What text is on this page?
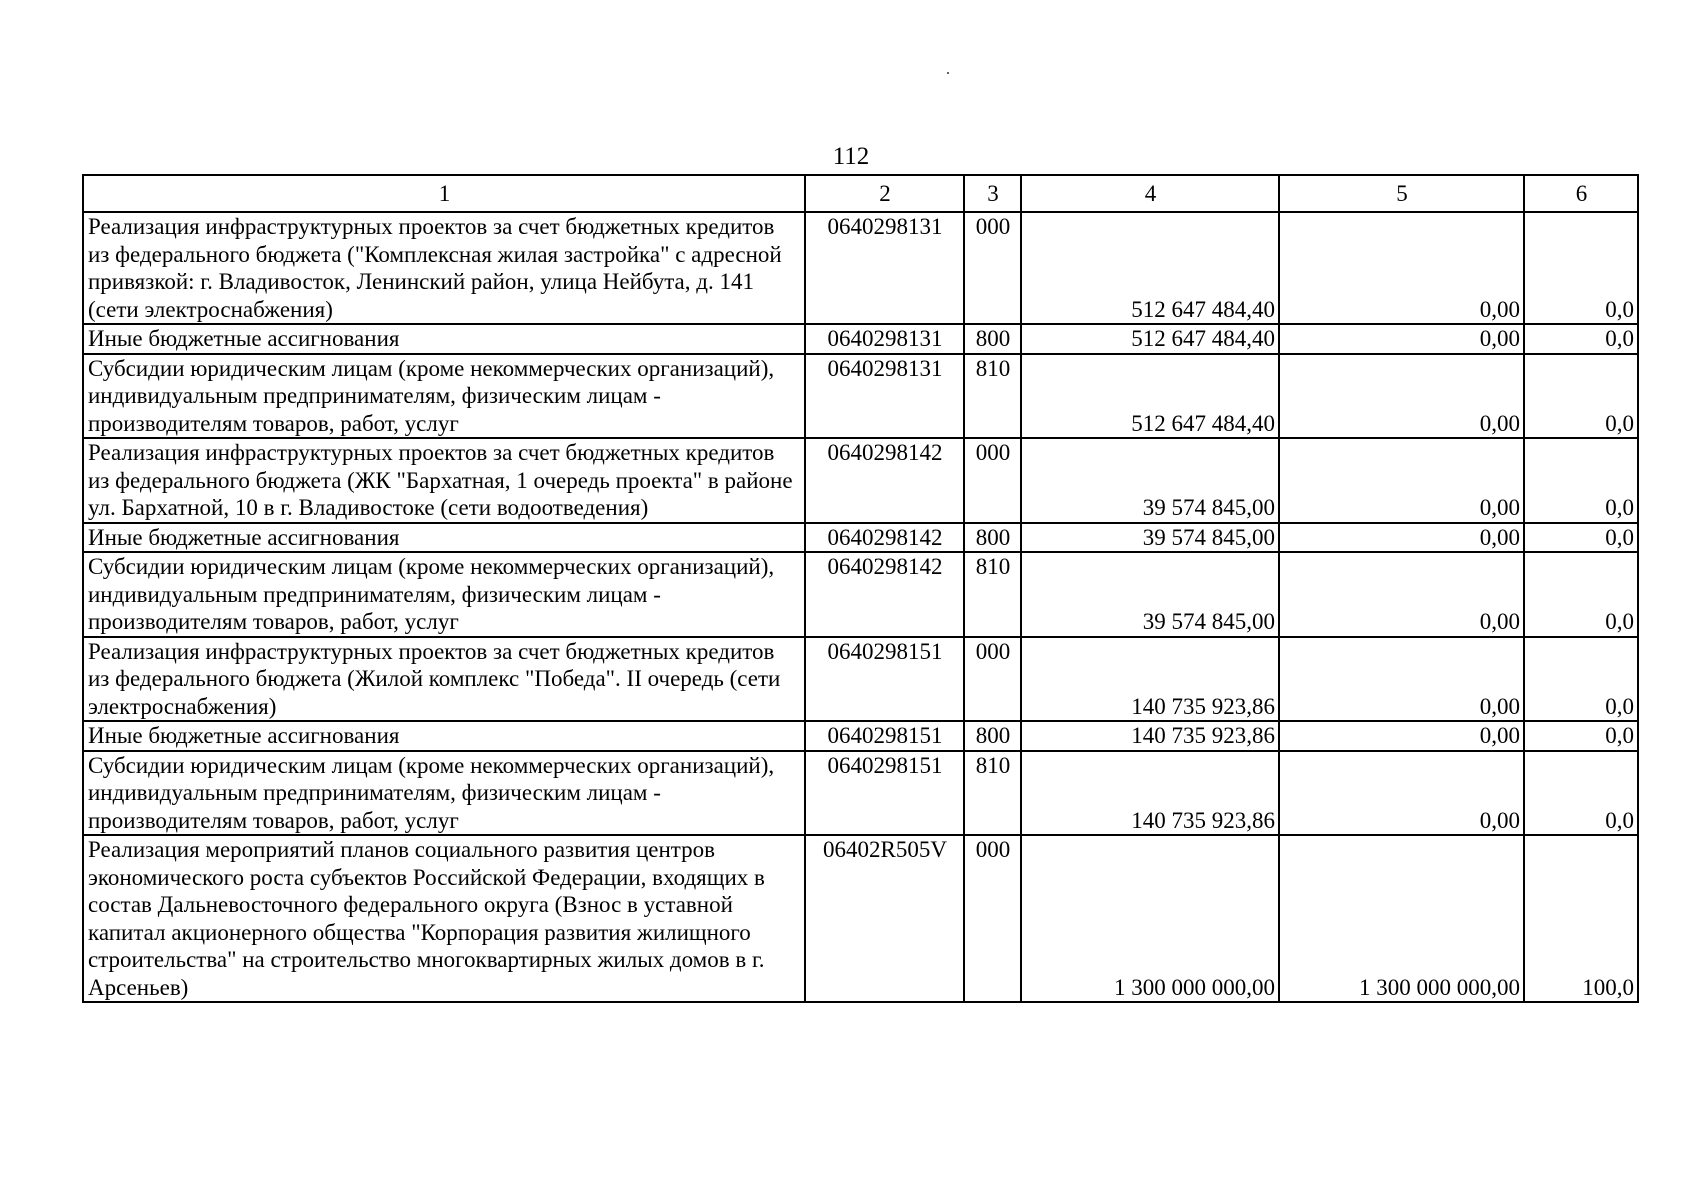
112
1	2	3	4	5	6
Реализация инфраструктурных проектов за счет бюджетных кредитов из федерального бюджета ("Комплексная жилая застройка" с адресной привязкой: г. Владивосток, Ленинский район, улица Нейбута, д. 141 (сети электроснабжения)	0640298131	000	512 647 484,40	0,00	0,0
Иные бюджетные ассигнования	0640298131	800	512 647 484,40	0,00	0,0
Субсидии юридическим лицам (кроме некоммерческих организаций), индивидуальным предпринимателям, физическим лицам - производителям товаров, работ, услуг	0640298131	810	512 647 484,40	0,00	0,0
Реализация инфраструктурных проектов за счет бюджетных кредитов из федерального бюджета (ЖК "Бархатная, 1 очередь проекта" в районе ул. Бархатной, 10 в г. Владивостоке (сети водоотведения)	0640298142	000	39 574 845,00	0,00	0,0
Иные бюджетные ассигнования	0640298142	800	39 574 845,00	0,00	0,0
Субсидии юридическим лицам (кроме некоммерческих организаций), индивидуальным предпринимателям, физическим лицам - производителям товаров, работ, услуг	0640298142	810	39 574 845,00	0,00	0,0
Реализация инфраструктурных проектов за счет бюджетных кредитов из федерального бюджета (Жилой комплекс "Победа". II очередь (сети электроснабжения)	0640298151	000	140 735 923,86	0,00	0,0
Иные бюджетные ассигнования	0640298151	800	140 735 923,86	0,00	0,0
Субсидии юридическим лицам (кроме некоммерческих организаций), индивидуальным предпринимателям, физическим лицам - производителям товаров, работ, услуг	0640298151	810	140 735 923,86	0,00	0,0
Реализация мероприятий планов социального развития центров экономического роста субъектов Российской Федерации, входящих в состав Дальневосточного федерального округа (Взнос в уставной капитал акционерного общества "Корпорация развития жилищного строительства" на строительство многоквартирных жилых домов в г. Арсеньев)	06402R505V	000	1 300 000 000,00	1 300 000 000,00	100,0
